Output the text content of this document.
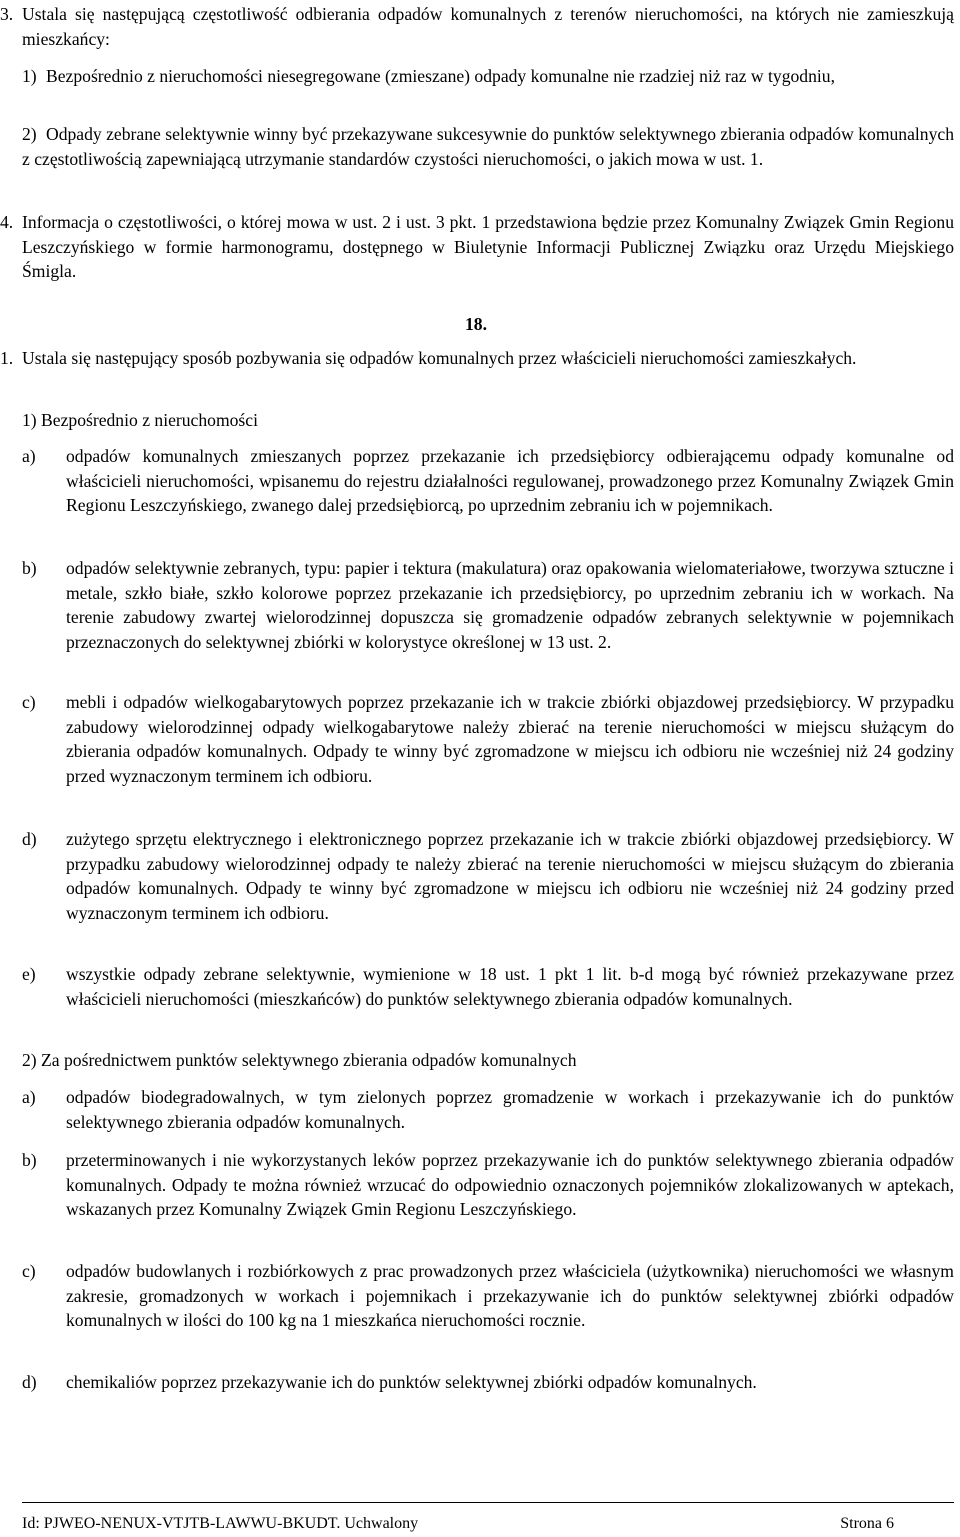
3. Ustala się następującą częstotliwość odbierania odpadów komunalnych z terenów nieruchomości, na których nie zamieszkują mieszkańcy:

1) Bezpośrednio z nieruchomości niesegregowane (zmieszane) odpady komunalne nie rzadziej niż raz w tygodniu,

2) Odpady zebrane selektywnie winny być przekazywane sukcesywnie do punktów selektywnego zbierania odpadów komunalnych z częstotliwością zapewniającą utrzymanie standardów czystości nieruchomości, o jakich mowa w ust. 1.

4. Informacja o częstotliwości, o której mowa w ust. 2 i ust. 3 pkt. 1 przedstawiona będzie przez Komunalny Związek Gmin Regionu Leszczyńskiego w formie harmonogramu, dostępnego w Biuletynie Informacji Publicznej Związku oraz Urzędu Miejskiego Śmigla.

18.
1. Ustala się następujący sposób pozbywania się odpadów komunalnych przez właścicieli nieruchomości zamieszkałych.

1) Bezpośrednio z nieruchomości

a) odpadów komunalnych zmieszanych poprzez przekazanie ich przedsiębiorcy odbierającemu odpady komunalne od właścicieli nieruchomości, wpisanemu do rejestru działalności regulowanej, prowadzonego przez Komunalny Związek Gmin Regionu Leszczyńskiego, zwanego dalej przedsiębiorcą, po uprzednim zebraniu ich w pojemnikach.

b) odpadów selektywnie zebranych, typu: papier i tektura (makulatura) oraz opakowania wielomateriałowe, tworzywa sztuczne i metale, szkło białe, szkło kolorowe poprzez przekazanie ich przedsiębiorcy, po uprzednim zebraniu ich w workach. Na terenie zabudowy zwartej wielorodzinnej dopuszcza się gromadzenie odpadów zebranych selektywnie w pojemnikach przeznaczonych do selektywnej zbiórki w kolorystyce określonej w 13 ust. 2.

c) mebli i odpadów wielkogabarytowych poprzez przekazanie ich w trakcie zbiórki objazdowej przedsiębiorcy. W przypadku zabudowy wielorodzinnej odpady wielkogabarytowe należy zbierać na terenie nieruchomości w miejscu służącym do zbierania odpadów komunalnych. Odpady te winny być zgromadzone w miejscu ich odbioru nie wcześniej niż 24 godziny przed wyznaczonym terminem ich odbioru.

d) zużytego sprzętu elektrycznego i elektronicznego poprzez przekazanie ich w trakcie zbiórki objazdowej przedsiębiorcy. W przypadku zabudowy wielorodzinnej odpady te należy zbierać na terenie nieruchomości w miejscu służącym do zbierania odpadów komunalnych. Odpady te winny być zgromadzone w miejscu ich odbioru nie wcześniej niż 24 godziny przed wyznaczonym terminem ich odbioru.

e) wszystkie odpady zebrane selektywnie, wymienione w 18 ust. 1 pkt 1 lit. b-d mogą być również przekazywane przez właścicieli nieruchomości (mieszkańców) do punktów selektywnego zbierania odpadów komunalnych.

2) Za pośrednictwem punktów selektywnego zbierania odpadów komunalnych

a) odpadów biodegradowalnych, w tym zielonych poprzez gromadzenie w workach i przekazywanie ich do punktów selektywnego zbierania odpadów komunalnych.

b) przeterminowanych i nie wykorzystanych leków poprzez przekazywanie ich do punktów selektywnego zbierania odpadów komunalnych. Odpady te można również wrzucać do odpowiednio oznaczonych pojemników zlokalizowanych w aptekach, wskazanych przez Komunalny Związek Gmin Regionu Leszczyńskiego.

c) odpadów budowlanych i rozbiórkowych z prac prowadzonych przez właściciela (użytkownika) nieruchomości we własnym zakresie, gromadzonych w workach i pojemnikach i przekazywanie ich do punktów selektywnej zbiórki odpadów komunalnych w ilości do 100 kg na 1 mieszkańca nieruchomości rocznie.

d) chemikaliów poprzez przekazywanie ich do punktów selektywnej zbiórki odpadów komunalnych.

Id: PJWEO-NENUX-VTJTB-LAWWU-BKUDT. Uchwalony	Strona 6
